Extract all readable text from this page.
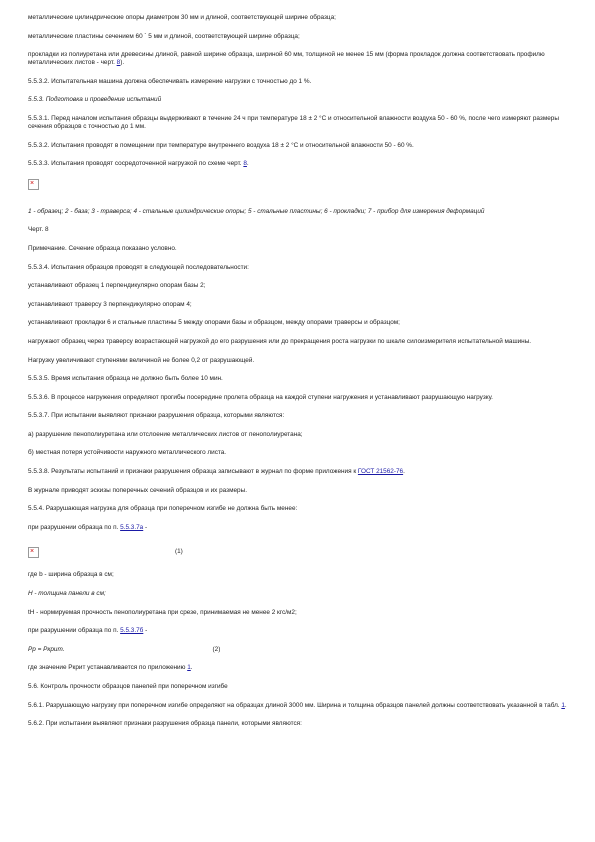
металлические цилиндрические опоры диаметром 30 мм и длиной, соответствующей ширине образца;

металлические пластины сечением 60 ´ 5 мм и длиной, соответствующей ширине образца;

прокладки из полиуретана или древесины длиной, равной ширине образца, шириной 60 мм, толщиной не менее 15 мм (форма прокладок должна соответствовать профилю металлических листов - черт. 8).

5.5.3.2. Испытательная машина должна обеспечивать измерение нагрузки с точностью до 1 %.

5.5.3. Подготовка и проведение испытаний

5.5.3.1. Перед началом испытания образцы выдерживают в течение 24 ч при температуре 18 ± 2 °С и относительной влажности воздуха 50 - 60 %, после чего измеряют размеры сечения образцов с точностью до 1 мм.

5.5.3.2. Испытания проводят в помещении при температуре внутреннего воздуха 18 ± 2 °С и относительной влажности 50 - 60 %.

5.5.3.3. Испытания проводят сосредоточенной нагрузкой по схеме черт. 8.

×

1 - образец; 2 - база; 3 - траверса; 4 - стальные цилиндрические опоры; 5 - стальные пластины; 6 - прокладки; 7 - прибор для измерения деформаций

Черт. 8

Примечание. Сечение образца показано условно.

5.5.3.4. Испытания образцов проводят в следующей последовательности:

устанавливают образец 1 перпендикулярно опорам базы 2;

устанавливают траверсу 3 перпендикулярно опорам 4;

устанавливают прокладки 6 и стальные пластины 5 между опорами базы и образцом, между опорами траверсы и образцом;

нагружают образец через траверсу возрастающей нагрузкой до его разрушения или до прекращения роста нагрузки по шкале силоизмерителя испытательной машины.

Нагрузку увеличивают ступенями величиной не более 0,2 от разрушающей.

5.5.3.5. Время испытания образца не должно быть более 10 мин.

5.5.3.6. В процессе нагружения определяют прогибы посередине пролета образца на каждой ступени нагружения и устанавливают разрушающую нагрузку.

5.5.3.7. При испытании выявляют признаки разрушения образца, которыми являются:

а) разрушение пенополиуретана или отслоение металлических листов от пенополиуретана;

б) местная потеря устойчивости наружного металлического листа.

5.5.3.8. Результаты испытаний и признаки разрушения образца записывают в журнал по форме приложения к ГОСТ 21562-76.

В журнале приводят эскизы поперечных сечений образцов и их размеры.

5.5.4. Разрушающая нагрузка для образца при поперечном изгибе не должна быть менее:

при разрушении образца по п. 5.5.3.7а -

×
(1)

где b - ширина образца в см;

H - толщина панели в см;

tH - нормируемая прочность пенополиуретана при срезе, принимаемая не менее 2 кгс/м2;

при разрушении образца по п. 5.5.3.7б -

Рр = Ркрит.	(2)

где значение Ркрит устанавливается по приложению 1.

5.6. Контроль прочности образцов панелей при поперечном изгибе

5.6.1. Разрушающую нагрузку при поперечном изгибе определяют на образцах длиной 3000 мм. Ширина и толщина образцов панелей должны соответствовать указанной в табл. 1.

5.6.2. При испытании выявляют признаки разрушения образца панели, которыми являются:
